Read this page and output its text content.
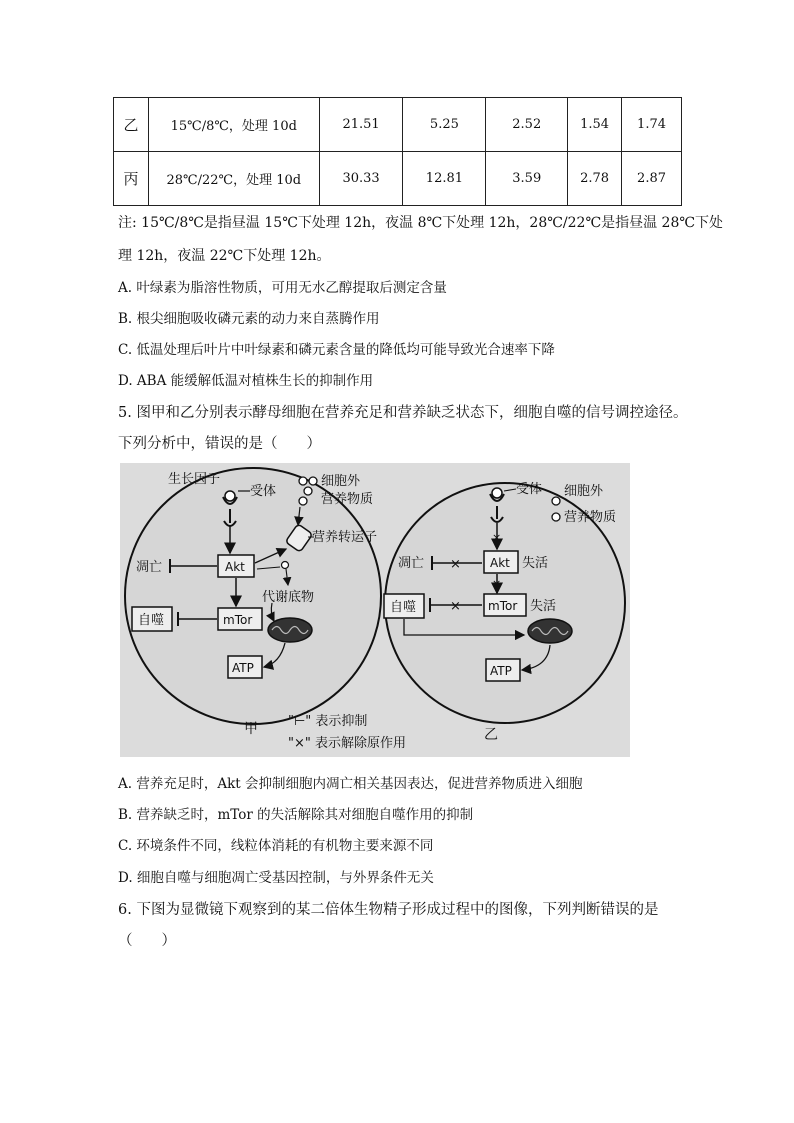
乙	15℃/8℃，处理 10d	21.51	5.25	2.52	1.54	1.74
丙	28℃/22℃，处理 10d	30.33	12.81	3.59	2.78	2.87
注: 15℃/8℃是指昼温 15℃下处理 12h，夜温 8℃下处理 12h，28℃/22℃是指昼温 28℃下处
理 12h，夜温 22℃下处理 12h。
A. 叶绿素为脂溶性物质，可用无水乙醇提取后测定含量
B. 根尖细胞吸收磷元素的动力来自蒸腾作用
C. 低温处理后叶片中叶绿素和磷元素含量的降低均可能导致光合速率下降
D. ABA 能缓解低温对植株生长的抑制作用
5. 图甲和乙分别表示酵母细胞在营养充足和营养缺乏状态下，细胞自噬的信号调控途径。
下列分析中，错误的是（　　）
生长因子
受体
细胞外
营养物质
营养转运子
Akt
凋亡
代谢底物
mTor
自噬
ATP
甲
受体 细胞外
营养物质
×
Akt 失活
凋亡 ×
×
mTor 失活
自噬	×
ATP
乙
"⊢" 表示抑制
"×" 表示解除原作用
A. 营养充足时，Akt 会抑制细胞内凋亡相关基因表达，促进营养物质进入细胞
B. 营养缺乏时，mTor 的失活解除其对细胞自噬作用的抑制
C. 环境条件不同，线粒体消耗的有机物主要来源不同
D. 细胞自噬与细胞凋亡受基因控制，与外界条件无关
6. 下图为显微镜下观察到的某二倍体生物精子形成过程中的图像，下列判断错误的是
（　　）
